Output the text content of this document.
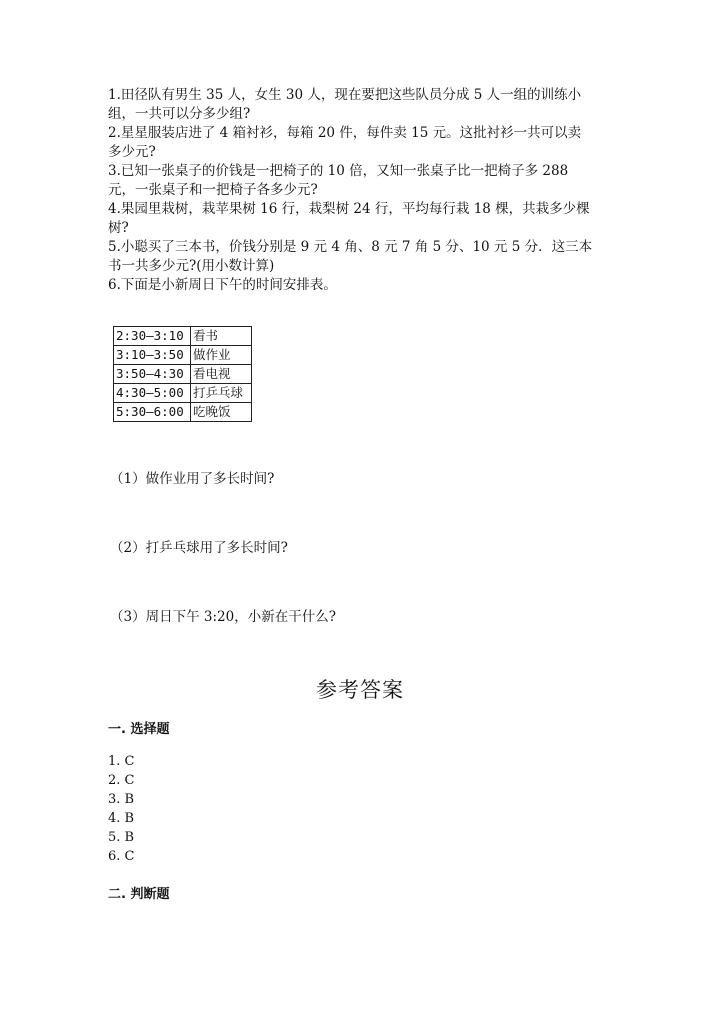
1.田径队有男生 35 人，女生 30 人，现在要把这些队员分成 5 人一组的训练小
组，一共可以分多少组?
2.星星服装店进了 4 箱衬衫，每箱 20 件，每件卖 15 元。这批衬衫一共可以卖
多少元?
3.已知一张桌子的价钱是一把椅子的 10 倍，又知一张桌子比一把椅子多 288
元，一张桌子和一把椅子各多少元?
4.果园里栽树，栽苹果树 16 行，栽梨树 24 行，平均每行栽 18 棵，共栽多少棵
树?
5.小聪买了三本书，价钱分别是 9 元 4 角、8 元 7 角 5 分、10 元 5 分．这三本
书一共多少元?(用小数计算)
6.下面是小新周日下午的时间安排表。
2:30—3:10	看书
3:10—3:50	做作业
3:50—4:30	看电视
4:30—5:00	打乒乓球
5:30—6:00	吃晚饭
（1）做作业用了多长时间?
（2）打乒乓球用了多长时间?
（3）周日下午 3:20，小新在干什么?
参考答案
一. 选择题
1. C
2. C
3. B
4. B
5. B
6. C
二. 判断题
